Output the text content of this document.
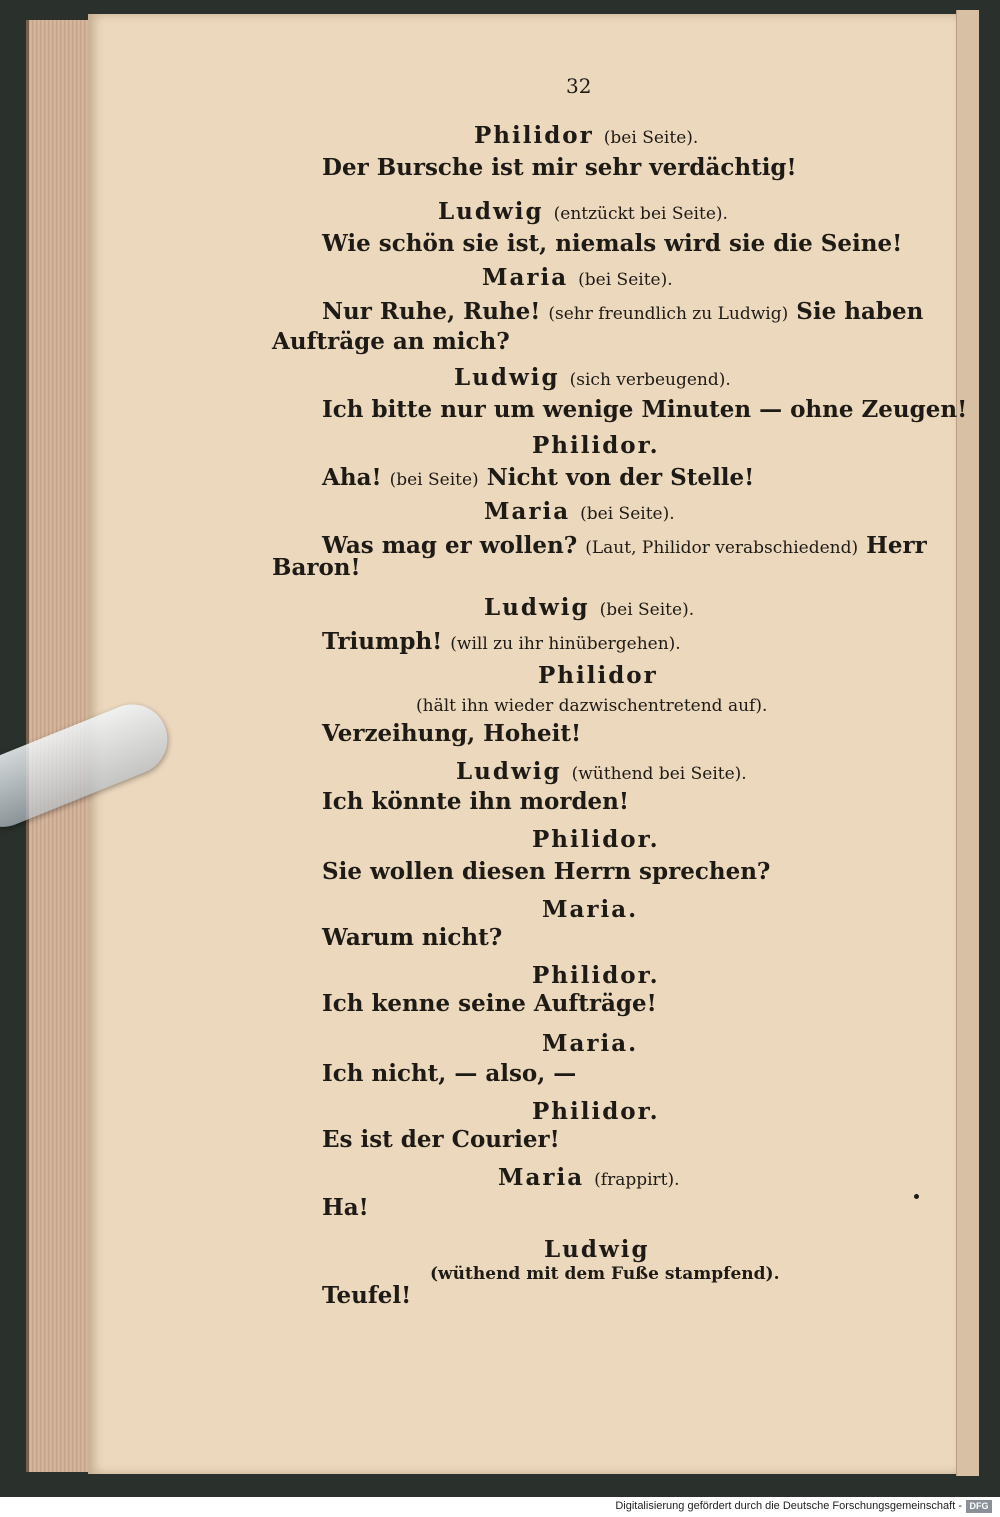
32
Philidor (bei Seite).
Der Bursche ist mir sehr verdächtig!
Ludwig (entzückt bei Seite).
Wie schön sie ist, niemals wird sie die Seine!
Maria (bei Seite).
Nur Ruhe, Ruhe! (sehr freundlich zu Ludwig) Sie haben
Aufträge an mich?
Ludwig (sich verbeugend).
Ich bitte nur um wenige Minuten — ohne Zeugen!
Philidor.
Aha! (bei Seite) Nicht von der Stelle!
Maria (bei Seite).
Was mag er wollen? (Laut, Philidor verabschiedend) Herr
Baron!
Ludwig (bei Seite).
Triumph! (will zu ihr hinübergehen).
Philidor
(hält ihn wieder dazwischentretend auf).
Verzeihung, Hoheit!
Ludwig (wüthend bei Seite).
Ich könnte ihn morden!
Philidor.
Sie wollen diesen Herrn sprechen?
Maria.
Warum nicht?
Philidor.
Ich kenne seine Aufträge!
Maria.
Ich nicht, — also, —
Philidor.
Es ist der Courier!
Maria (frappirt).
Ha!
Ludwig
(wüthend mit dem Fuße stampfend).
Teufel!
Digitalisierung gefördert durch die Deutsche Forschungsgemeinschaft - DFG
